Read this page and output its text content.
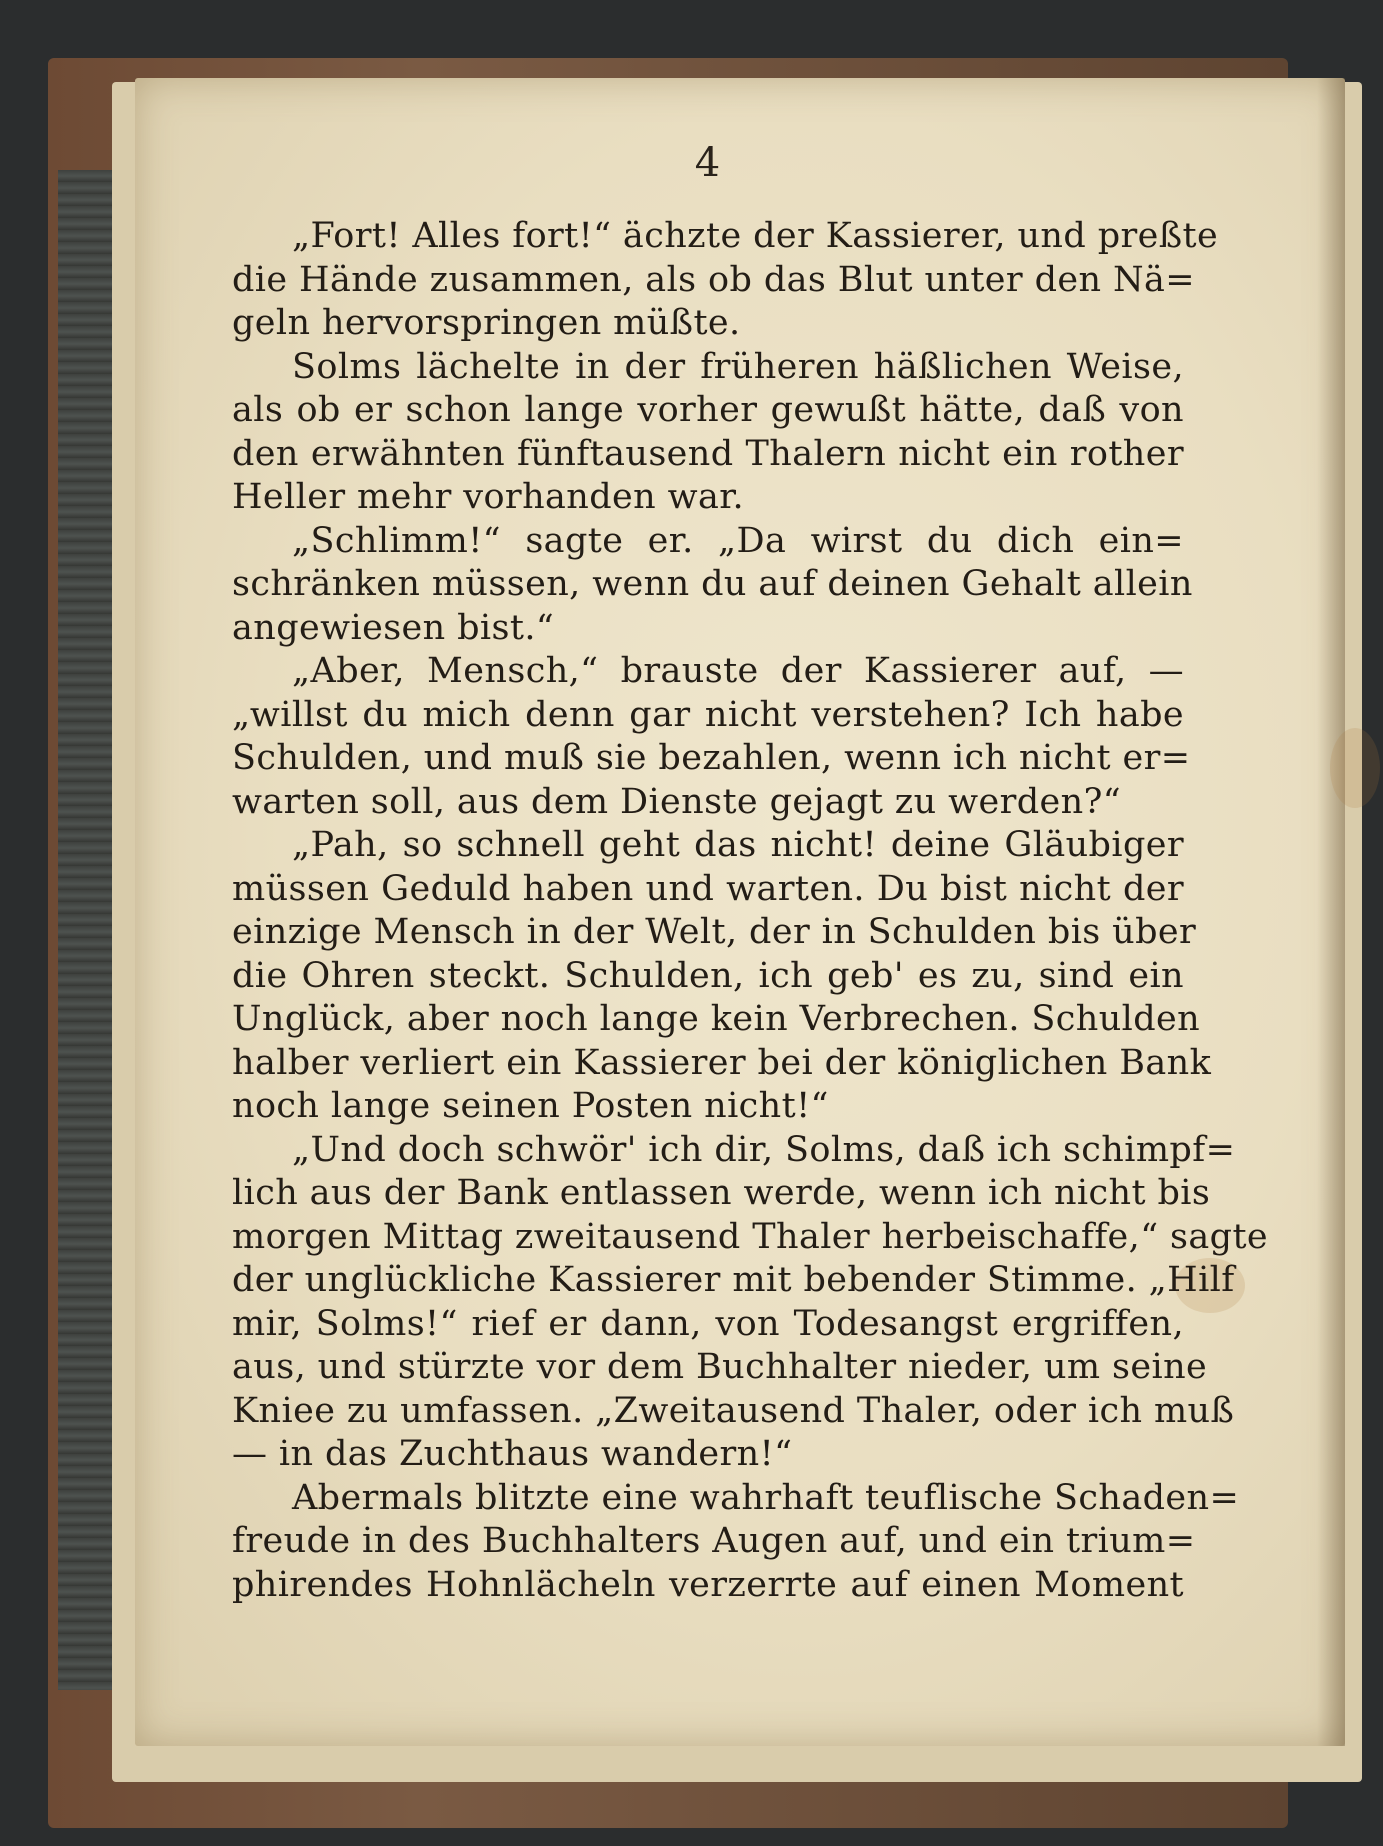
4

„Fort! Alles fort!“ ächzte der Kassierer, und preßte
die Hände zusammen, als ob das Blut unter den Nä=
geln hervorspringen müßte.
Solms lächelte in der früheren häßlichen Weise,
als ob er schon lange vorher gewußt hätte, daß von
den erwähnten fünftausend Thalern nicht ein rother
Heller mehr vorhanden war.
„Schlimm!“ sagte er. „Da wirst du dich ein=
schränken müssen, wenn du auf deinen Gehalt allein
angewiesen bist.“
„Aber, Mensch,“ brauste der Kassierer auf, —
„willst du mich denn gar nicht verstehen? Ich habe
Schulden, und muß sie bezahlen, wenn ich nicht er=
warten soll, aus dem Dienste gejagt zu werden?“
„Pah, so schnell geht das nicht! deine Gläubiger
müssen Geduld haben und warten. Du bist nicht der
einzige Mensch in der Welt, der in Schulden bis über
die Ohren steckt. Schulden, ich geb' es zu, sind ein
Unglück, aber noch lange kein Verbrechen. Schulden
halber verliert ein Kassierer bei der königlichen Bank
noch lange seinen Posten nicht!“
„Und doch schwör' ich dir, Solms, daß ich schimpf=
lich aus der Bank entlassen werde, wenn ich nicht bis
morgen Mittag zweitausend Thaler herbeischaffe,“ sagte
der unglückliche Kassierer mit bebender Stimme. „Hilf
mir, Solms!“ rief er dann, von Todesangst ergriffen,
aus, und stürzte vor dem Buchhalter nieder, um seine
Kniee zu umfassen. „Zweitausend Thaler, oder ich muß
— in das Zuchthaus wandern!“
Abermals blitzte eine wahrhaft teuflische Schaden=
freude in des Buchhalters Augen auf, und ein trium=
phirendes Hohnlächeln verzerrte auf einen Moment
